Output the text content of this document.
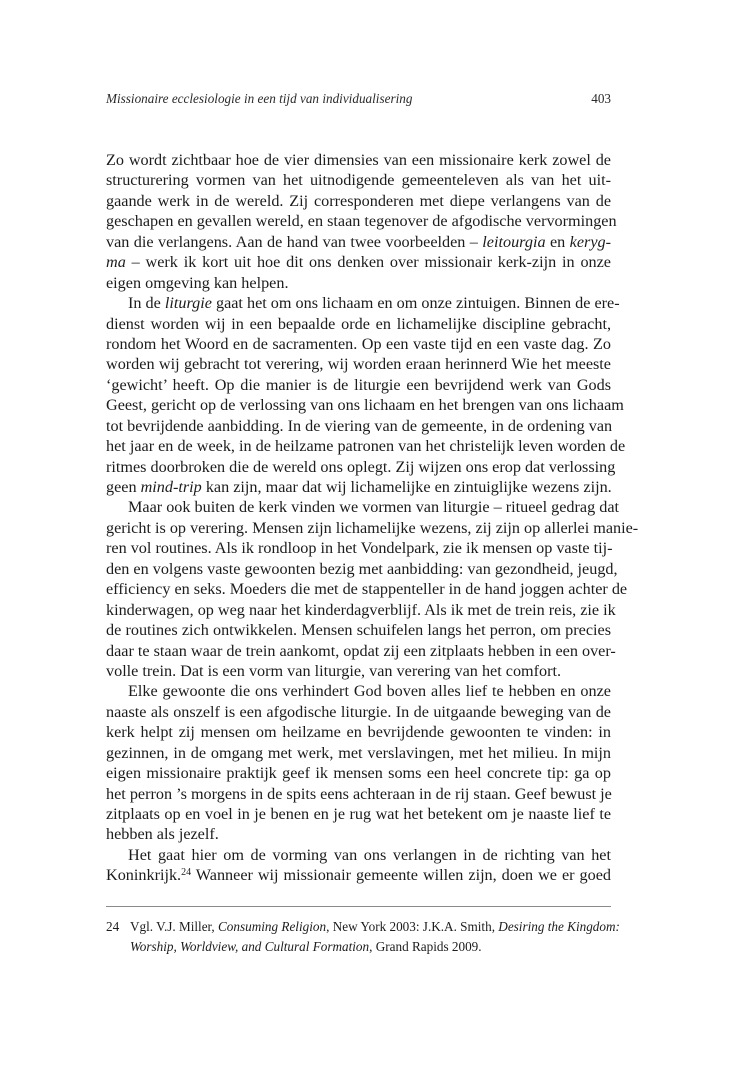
Missionaire ecclesiologie in een tijd van individualisering	403
Zo wordt zichtbaar hoe de vier dimensies van een missionaire kerk zowel de
structurering vormen van het uitnodigende gemeenteleven als van het uit-
gaande werk in de wereld. Zij corresponderen met diepe verlangens van de
geschapen en gevallen wereld, en staan tegenover de afgodische vervormingen
van die verlangens. Aan de hand van twee voorbeelden – leitourgia en keryg-
ma – werk ik kort uit hoe dit ons denken over missionair kerk-zijn in onze
eigen omgeving kan helpen.
In de liturgie gaat het om ons lichaam en om onze zintuigen. Binnen de ere-
dienst worden wij in een bepaalde orde en lichamelijke discipline gebracht,
rondom het Woord en de sacramenten. Op een vaste tijd en een vaste dag. Zo
worden wij gebracht tot verering, wij worden eraan herinnerd Wie het meeste
‘gewicht’ heeft. Op die manier is de liturgie een bevrijdend werk van Gods
Geest, gericht op de verlossing van ons lichaam en het brengen van ons lichaam
tot bevrijdende aanbidding. In de viering van de gemeente, in de ordening van
het jaar en de week, in de heilzame patronen van het christelijk leven worden de
ritmes doorbroken die de wereld ons oplegt. Zij wijzen ons erop dat verlossing
geen mind-trip kan zijn, maar dat wij lichamelijke en zintuiglijke wezens zijn.
Maar ook buiten de kerk vinden we vormen van liturgie – ritueel gedrag dat
gericht is op verering. Mensen zijn lichamelijke wezens, zij zijn op allerlei manie-
ren vol routines. Als ik rondloop in het Vondelpark, zie ik mensen op vaste tij-
den en volgens vaste gewoonten bezig met aanbidding: van gezondheid, jeugd,
efficiency en seks. Moeders die met de stappenteller in de hand joggen achter de
kinderwagen, op weg naar het kinderdagverblijf. Als ik met de trein reis, zie ik
de routines zich ontwikkelen. Mensen schuifelen langs het perron, om precies
daar te staan waar de trein aankomt, opdat zij een zitplaats hebben in een over-
volle trein. Dat is een vorm van liturgie, van verering van het comfort.
Elke gewoonte die ons verhindert God boven alles lief te hebben en onze
naaste als onszelf is een afgodische liturgie. In de uitgaande beweging van de
kerk helpt zij mensen om heilzame en bevrijdende gewoonten te vinden: in
gezinnen, in de omgang met werk, met verslavingen, met het milieu. In mijn
eigen missionaire praktijk geef ik mensen soms een heel concrete tip: ga op
het perron ’s morgens in de spits eens achteraan in de rij staan. Geef bewust je
zitplaats op en voel in je benen en je rug wat het betekent om je naaste lief te
hebben als jezelf.
Het gaat hier om de vorming van ons verlangen in de richting van het
Koninkrijk.$^{24}$ Wanneer wij missionair gemeente willen zijn, doen we er goed
24 Vgl. V.J. Miller, Consuming Religion, New York 2003: J.K.A. Smith, Desiring the Kingdom:
Worship, Worldview, and Cultural Formation, Grand Rapids 2009.
